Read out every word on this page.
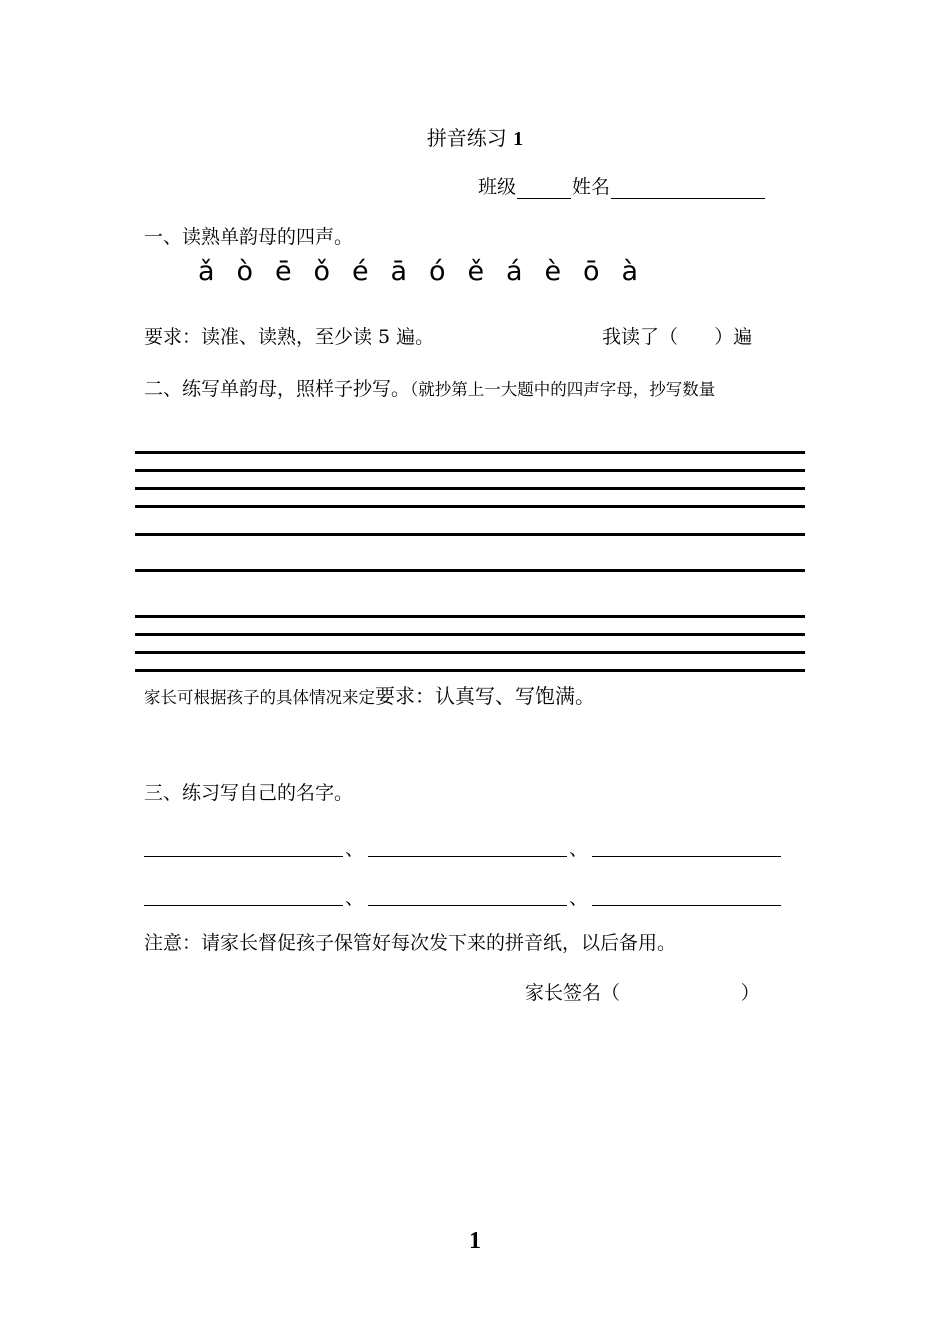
拼音练习 1
班级	姓名
一、读熟单韵母的四声。
ǎ ò ē ǒ é ā ó ě á è ō à
要求：读准、读熟，至少读 5 遍。	我读了（      ）遍
二、练写单韵母，照样子抄写。（就抄第上一大题中的四声字母，抄写数量
家长可根据孩子的具体情况来定要求：认真写、写饱满。
三、练习写自己的名字。
、	、
、	、
注意：请家长督促孩子保管好每次发下来的拼音纸，以后备用。
家长签名（                    ）
1
